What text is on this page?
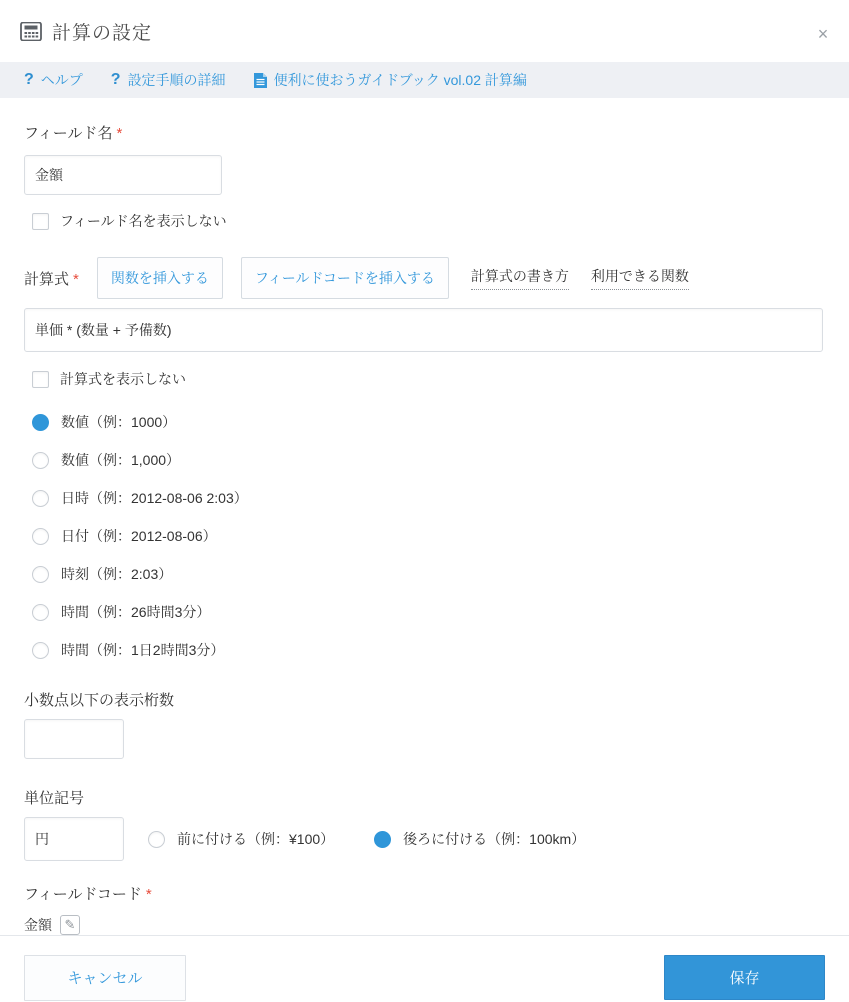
計算の設定	×
? ヘルプ ? 設定手順の詳細	便利に使おうガイドブック vol.02 計算編
フィールド名 *
金額
フィールド名を表示しない
計算式 *	関数を挿入する	フィールドコードを挿入する	計算式の書き方 利用できる関数
単価 * (数量 + 予備数)
計算式を表示しない
数値（例：1000）
数値（例：1,000）
日時（例：2012-08-06 2:03）
日付（例：2012-08-06）
時刻（例：2:03）
時間（例：26時間3分）
時間（例：1日2時間3分）
小数点以下の表示桁数
単位記号
円
前に付ける（例：¥100）	後ろに付ける（例：100km）
フィールドコード *
金額 ✎
キャンセル	保存
